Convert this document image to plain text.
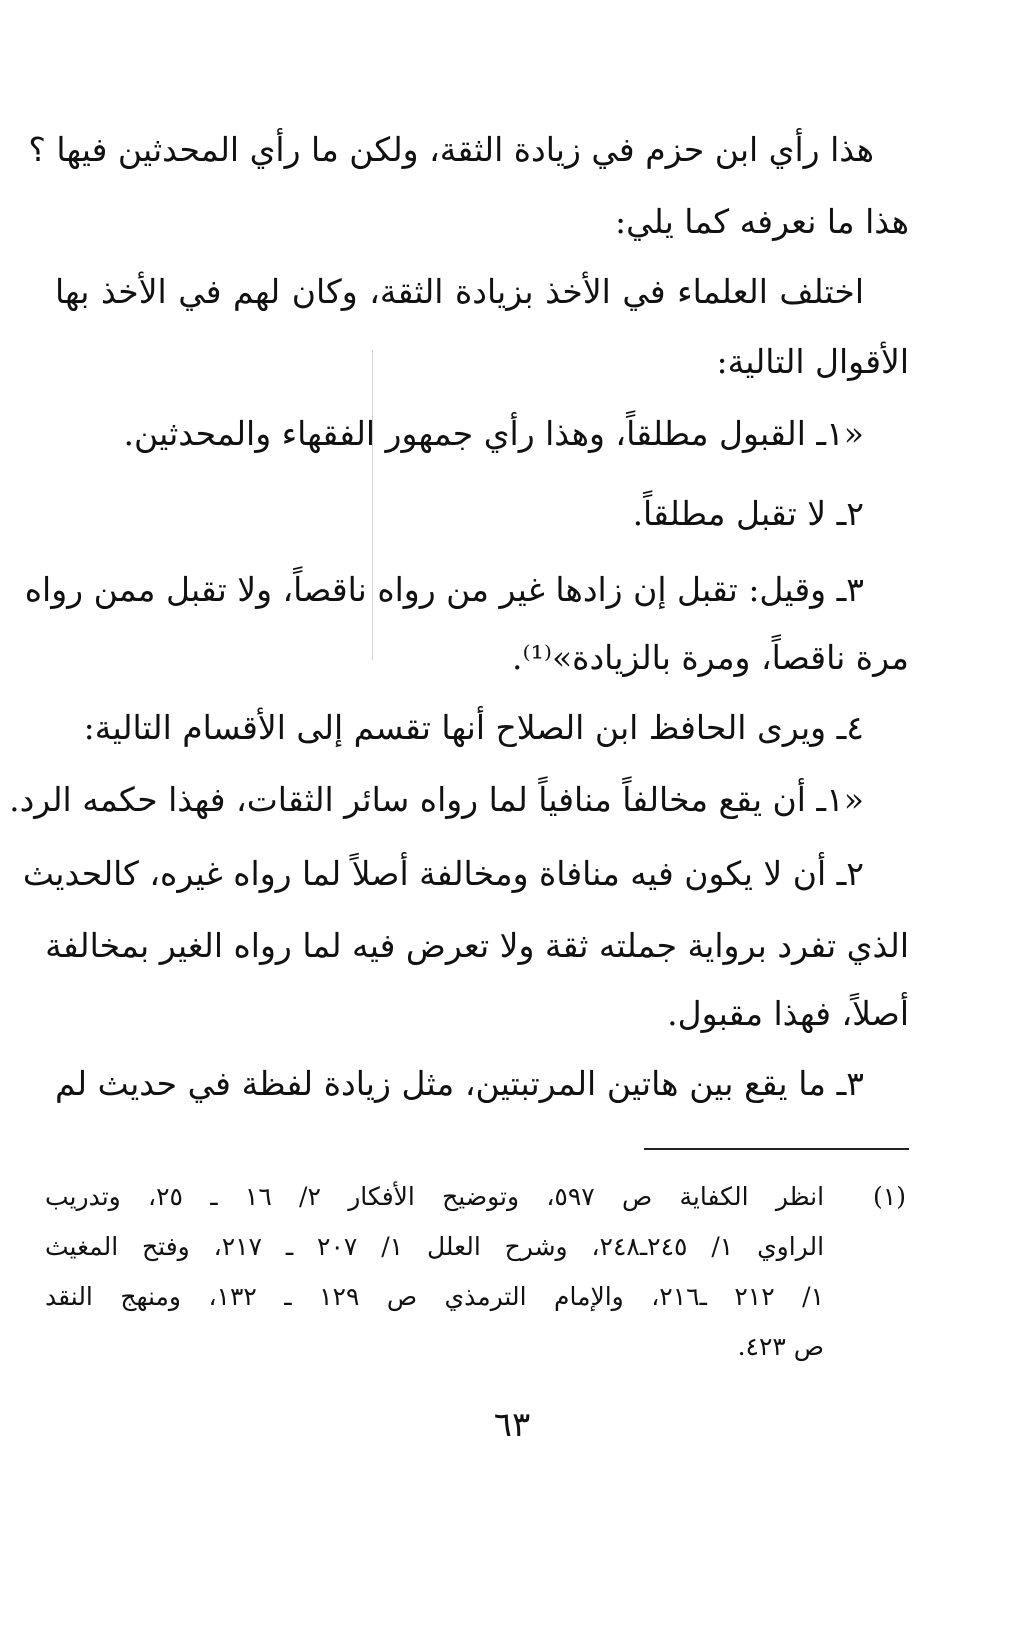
هذا رأي ابن حزم في زيادة الثقة، ولكن ما رأي المحدثين فيها ؟
هذا ما نعرفه كما يلي:
اختلف العلماء في الأخذ بزيادة الثقة، وكان لهم في الأخذ بها
الأقوال التالية:
«١ـ القبول مطلقاً، وهذا رأي جمهور الفقهاء والمحدثين.
٢ـ لا تقبل مطلقاً.
٣ـ وقيل: تقبل إن زادها غير من رواه ناقصاً، ولا تقبل ممن رواه
مرة ناقصاً، ومرة بالزيادة»⁽¹⁾.
٤ـ ويرى الحافظ ابن الصلاح أنها تقسم إلى الأقسام التالية:
«١ـ أن يقع مخالفاً منافياً لما رواه سائر الثقات، فهذا حكمه الرد.
٢ـ أن لا يكون فيه منافاة ومخالفة أصلاً لما رواه غيره، كالحديث
الذي تفرد برواية جملته ثقة ولا تعرض فيه لما رواه الغير بمخالفة
أصلاً، فهذا مقبول.
٣ـ ما يقع بين هاتين المرتبتين، مثل زيادة لفظة في حديث لم
(١)
انظر الكفاية ص ٥٩٧، وتوضيح الأفكار ٢/ ١٦ ـ ٢٥، وتدريب
الراوي ١/ ٢٤٥ـ٢٤٨، وشرح العلل ١/ ٢٠٧ ـ ٢١٧، وفتح المغيث
١/ ٢١٢ ـ٢١٦، والإمام الترمذي ص ١٢٩ ـ ١٣٢، ومنهج النقد
ص ٤٢٣.
٦٣
